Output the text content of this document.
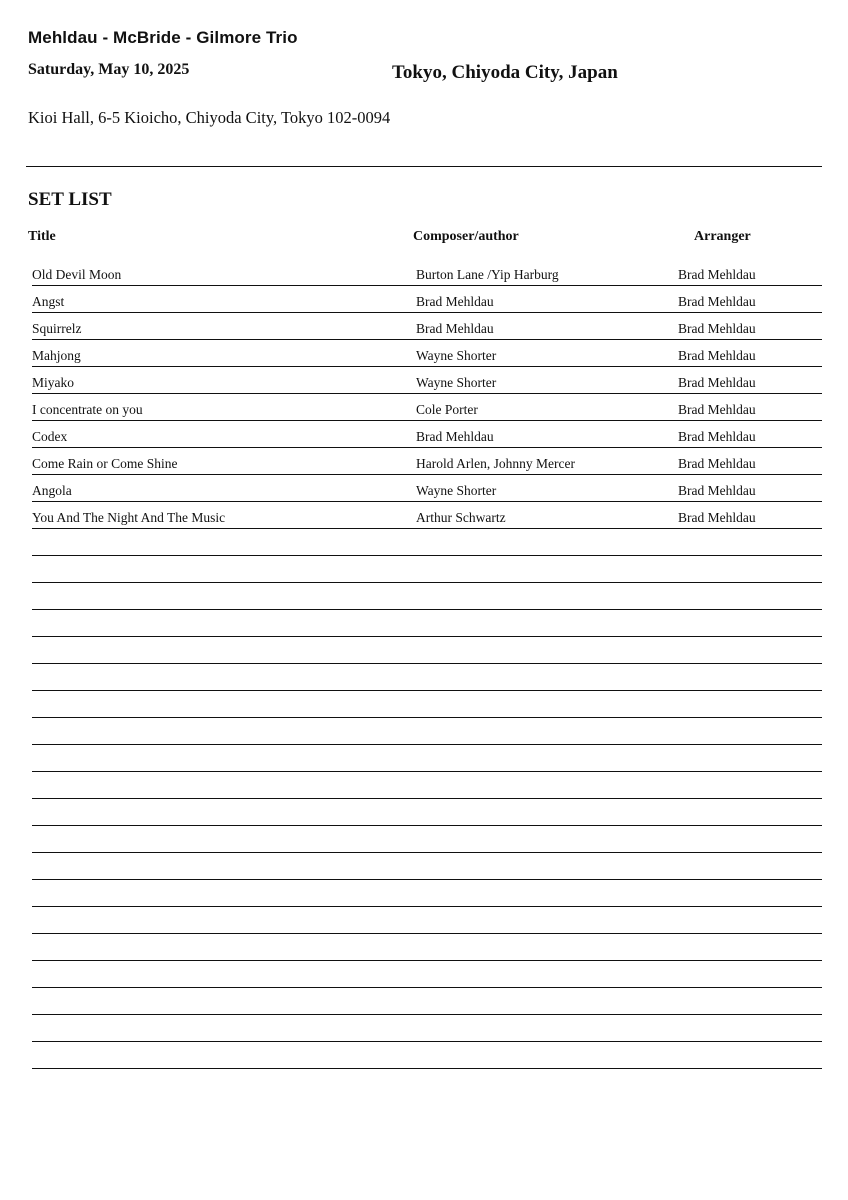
Mehldau - McBride - Gilmore Trio
Saturday, May 10, 2025	Tokyo, Chiyoda City, Japan
Kioi Hall, 6-5 Kioicho, Chiyoda City, Tokyo 102-0094
SET LIST
Title	Composer/author	Arranger
Old Devil Moon	Burton Lane /Yip Harburg	Brad Mehldau
Angst	Brad Mehldau	Brad Mehldau
Squirrelz	Brad Mehldau	Brad Mehldau
Mahjong	Wayne Shorter	Brad Mehldau
Miyako	Wayne Shorter	Brad Mehldau
I concentrate on you	Cole Porter	Brad Mehldau
Codex	Brad Mehldau	Brad Mehldau
Come Rain or Come Shine	Harold Arlen, Johnny Mercer	Brad Mehldau
Angola	Wayne Shorter	Brad Mehldau
You And The Night And The Music	Arthur Schwartz	Brad Mehldau
